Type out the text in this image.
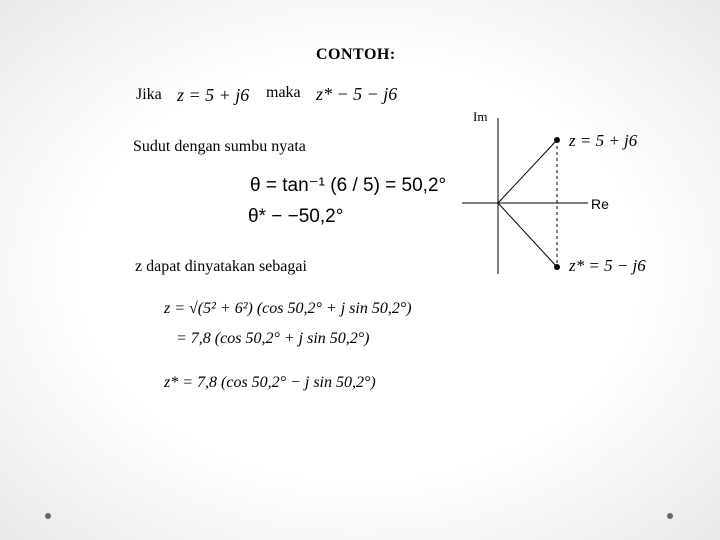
CONTOH:
Jika z = 5 + j6 maka z* − 5 − j6
Sudut dengan sumbu nyata
θ = tan⁻¹ (6 / 5) = 50,2°
θ* − −50,2°
z dapat dinyatakan sebagai
z = √(5² + 6²) (cos 50,2° + j sin 50,2°)
= 7,8 (cos 50,2° + j sin 50,2°)
z* = 7,8 (cos 50,2° − j sin 50,2°)
Im
Re
z = 5 + j6
z* = 5 − j6
